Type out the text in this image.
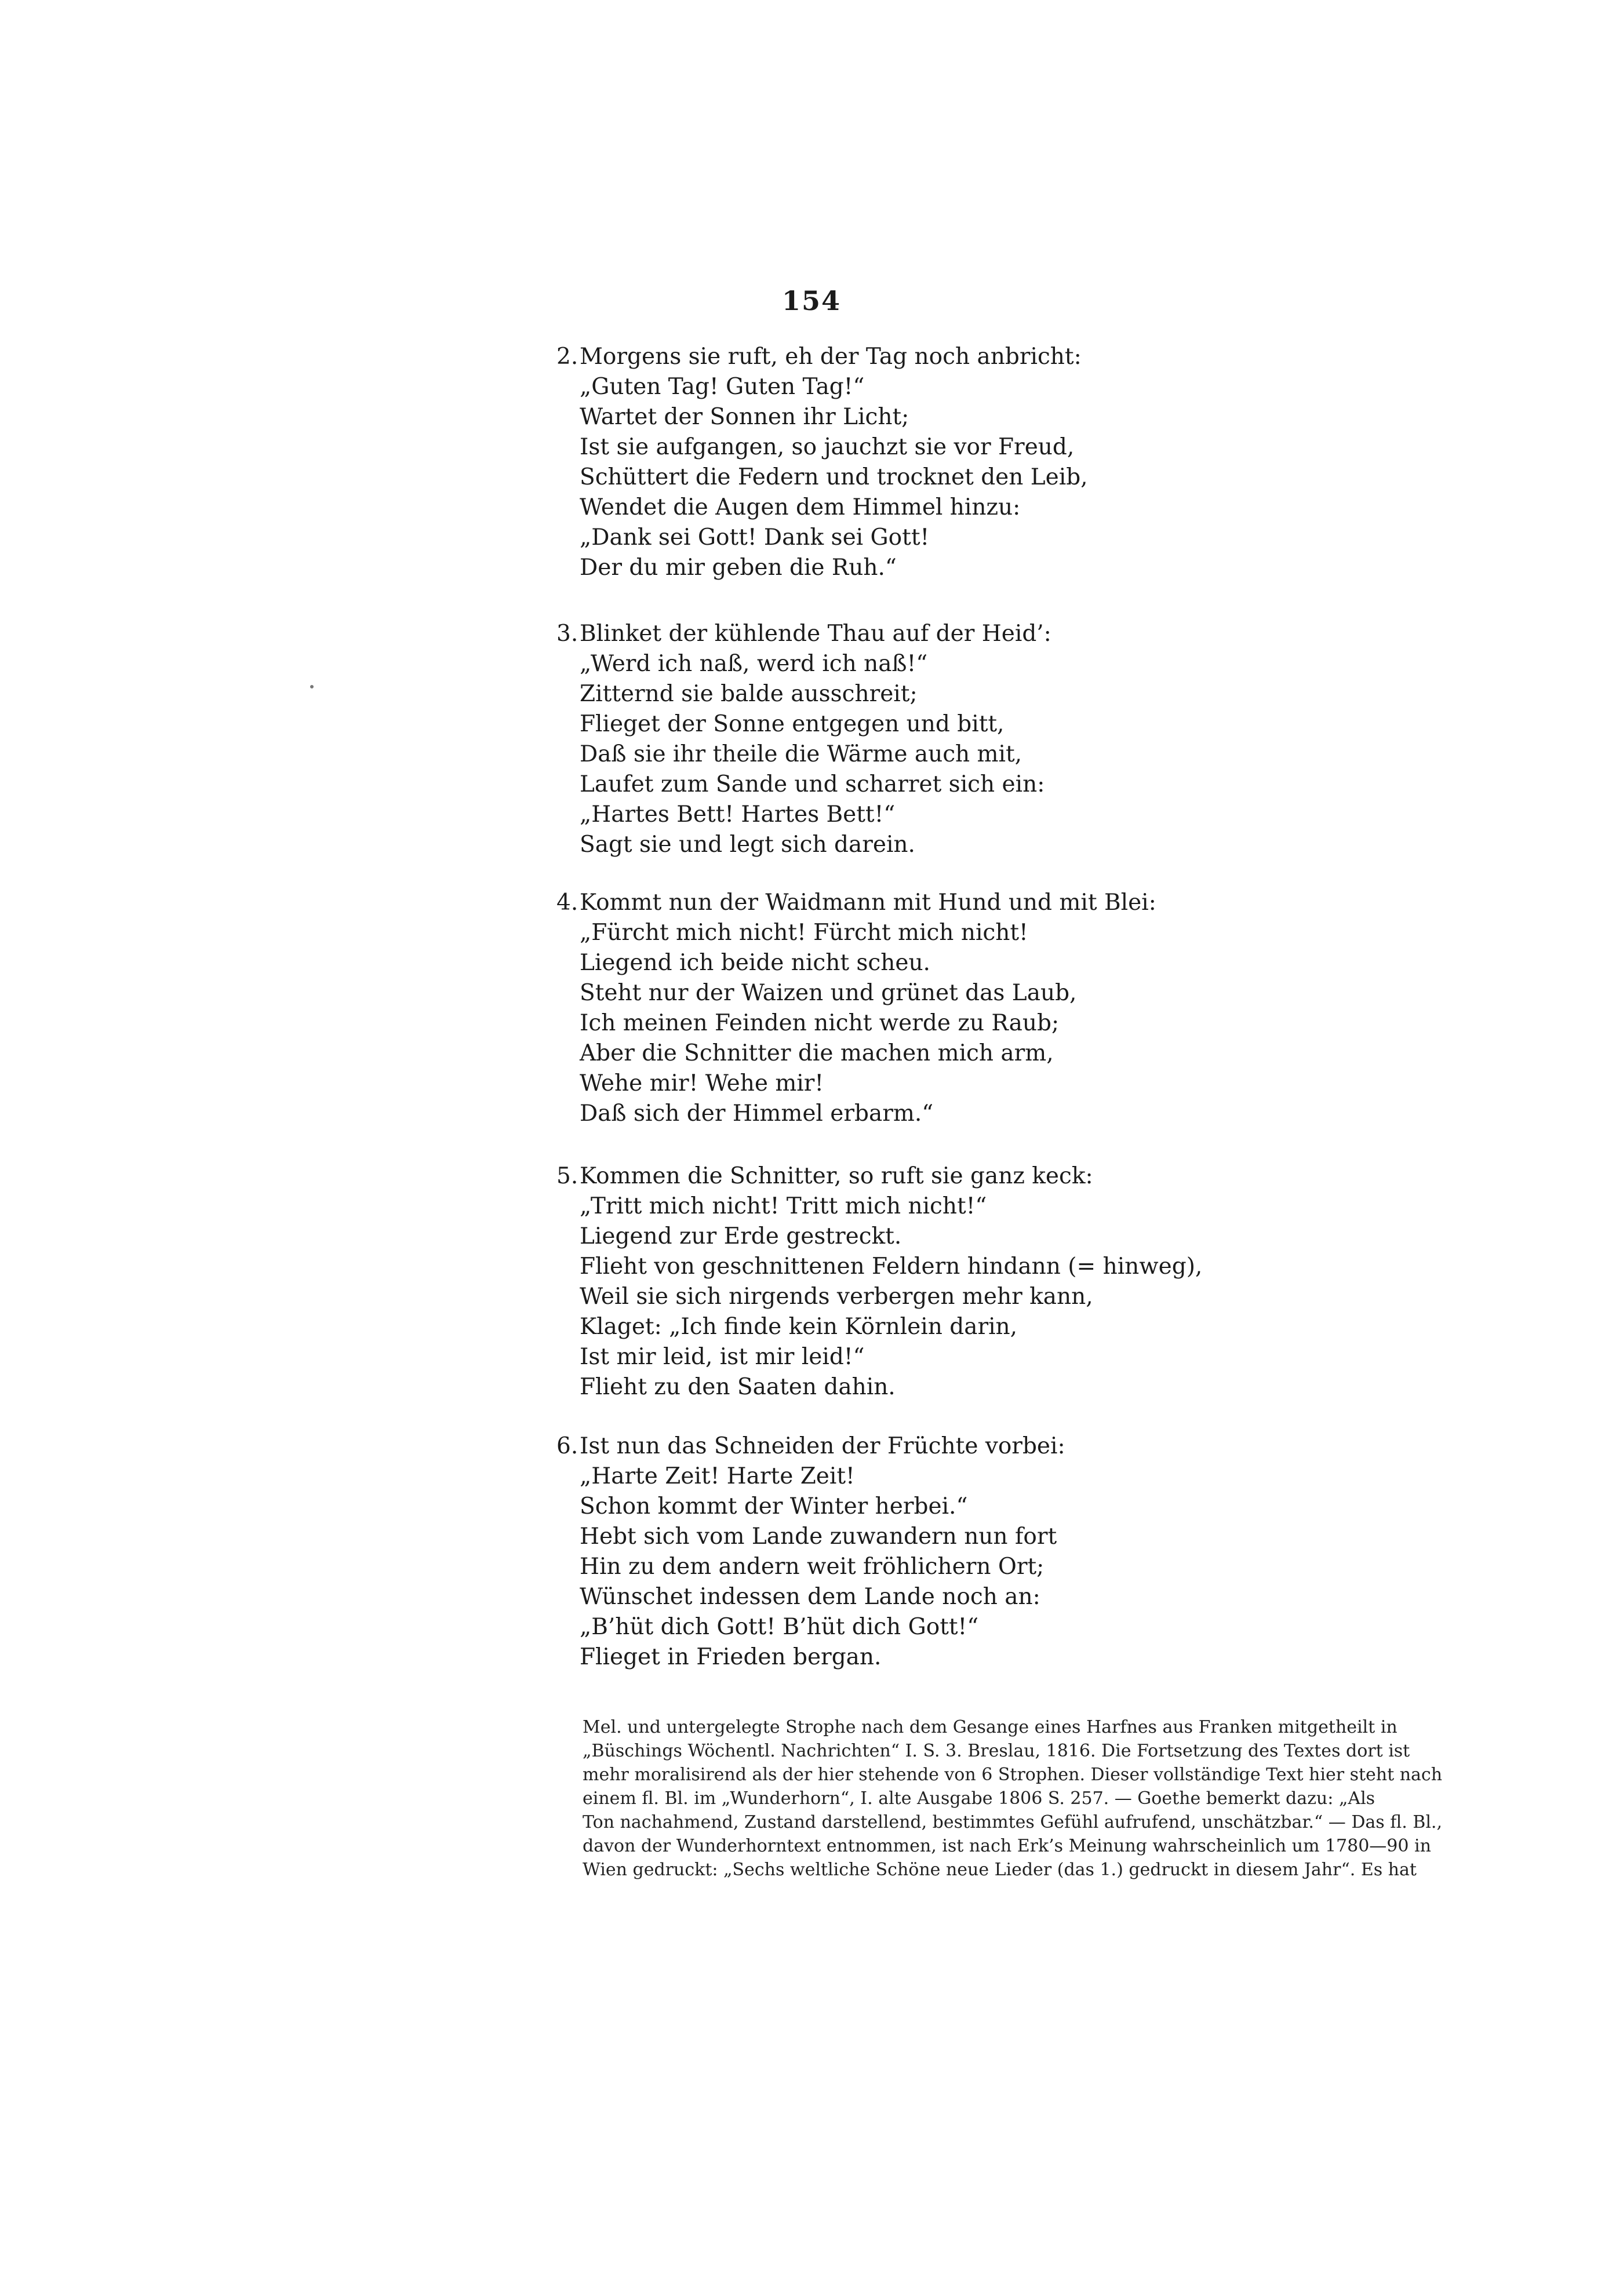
154
2.Morgens sie ruft, eh der Tag noch anbricht:
„Guten Tag! Guten Tag!“
Wartet der Sonnen ihr Licht;
Ist sie aufgangen, so jauchzt sie vor Freud,
Schüttert die Federn und trocknet den Leib,
Wendet die Augen dem Himmel hinzu:
„Dank sei Gott! Dank sei Gott!
Der du mir geben die Ruh.“
3.Blinket der kühlende Thau auf der Heid’:
„Werd ich naß, werd ich naß!“
Zitternd sie balde ausschreit;
Flieget der Sonne entgegen und bitt,
Daß sie ihr theile die Wärme auch mit,
Laufet zum Sande und scharret sich ein:
„Hartes Bett! Hartes Bett!“
Sagt sie und legt sich darein.
4.Kommt nun der Waidmann mit Hund und mit Blei:
„Fürcht mich nicht! Fürcht mich nicht!
Liegend ich beide nicht scheu.
Steht nur der Waizen und grünet das Laub,
Ich meinen Feinden nicht werde zu Raub;
Aber die Schnitter die machen mich arm,
Wehe mir! Wehe mir!
Daß sich der Himmel erbarm.“
5.Kommen die Schnitter, so ruft sie ganz keck:
„Tritt mich nicht! Tritt mich nicht!“
Liegend zur Erde gestreckt.
Flieht von geschnittenen Feldern hindann (= hinweg),
Weil sie sich nirgends verbergen mehr kann,
Klaget: „Ich finde kein Körnlein darin,
Ist mir leid, ist mir leid!“
Flieht zu den Saaten dahin.
6.Ist nun das Schneiden der Früchte vorbei:
„Harte Zeit! Harte Zeit!
Schon kommt der Winter herbei.“
Hebt sich vom Lande zuwandern nun fort
Hin zu dem andern weit fröhlichern Ort;
Wünschet indessen dem Lande noch an:
„B’hüt dich Gott! B’hüt dich Gott!“
Flieget in Frieden bergan.
Mel. und untergelegte Strophe nach dem Gesange eines Harfnes aus Franken mitgetheilt in
„Büschings Wöchentl. Nachrichten“ I. S. 3. Breslau, 1816. Die Fortsetzung des Textes dort ist
mehr moralisirend als der hier stehende von 6 Strophen. Dieser vollständige Text hier steht nach
einem fl. Bl. im „Wunderhorn“, I. alte Ausgabe 1806 S. 257. — Goethe bemerkt dazu: „Als
Ton nachahmend, Zustand darstellend, bestimmtes Gefühl aufrufend, unschätzbar.“ — Das fl. Bl.,
davon der Wunderhorntext entnommen, ist nach Erk’s Meinung wahrscheinlich um 1780—90 in
Wien gedruckt: „Sechs weltliche Schöne neue Lieder (das 1.) gedruckt in diesem Jahr“. Es hat
